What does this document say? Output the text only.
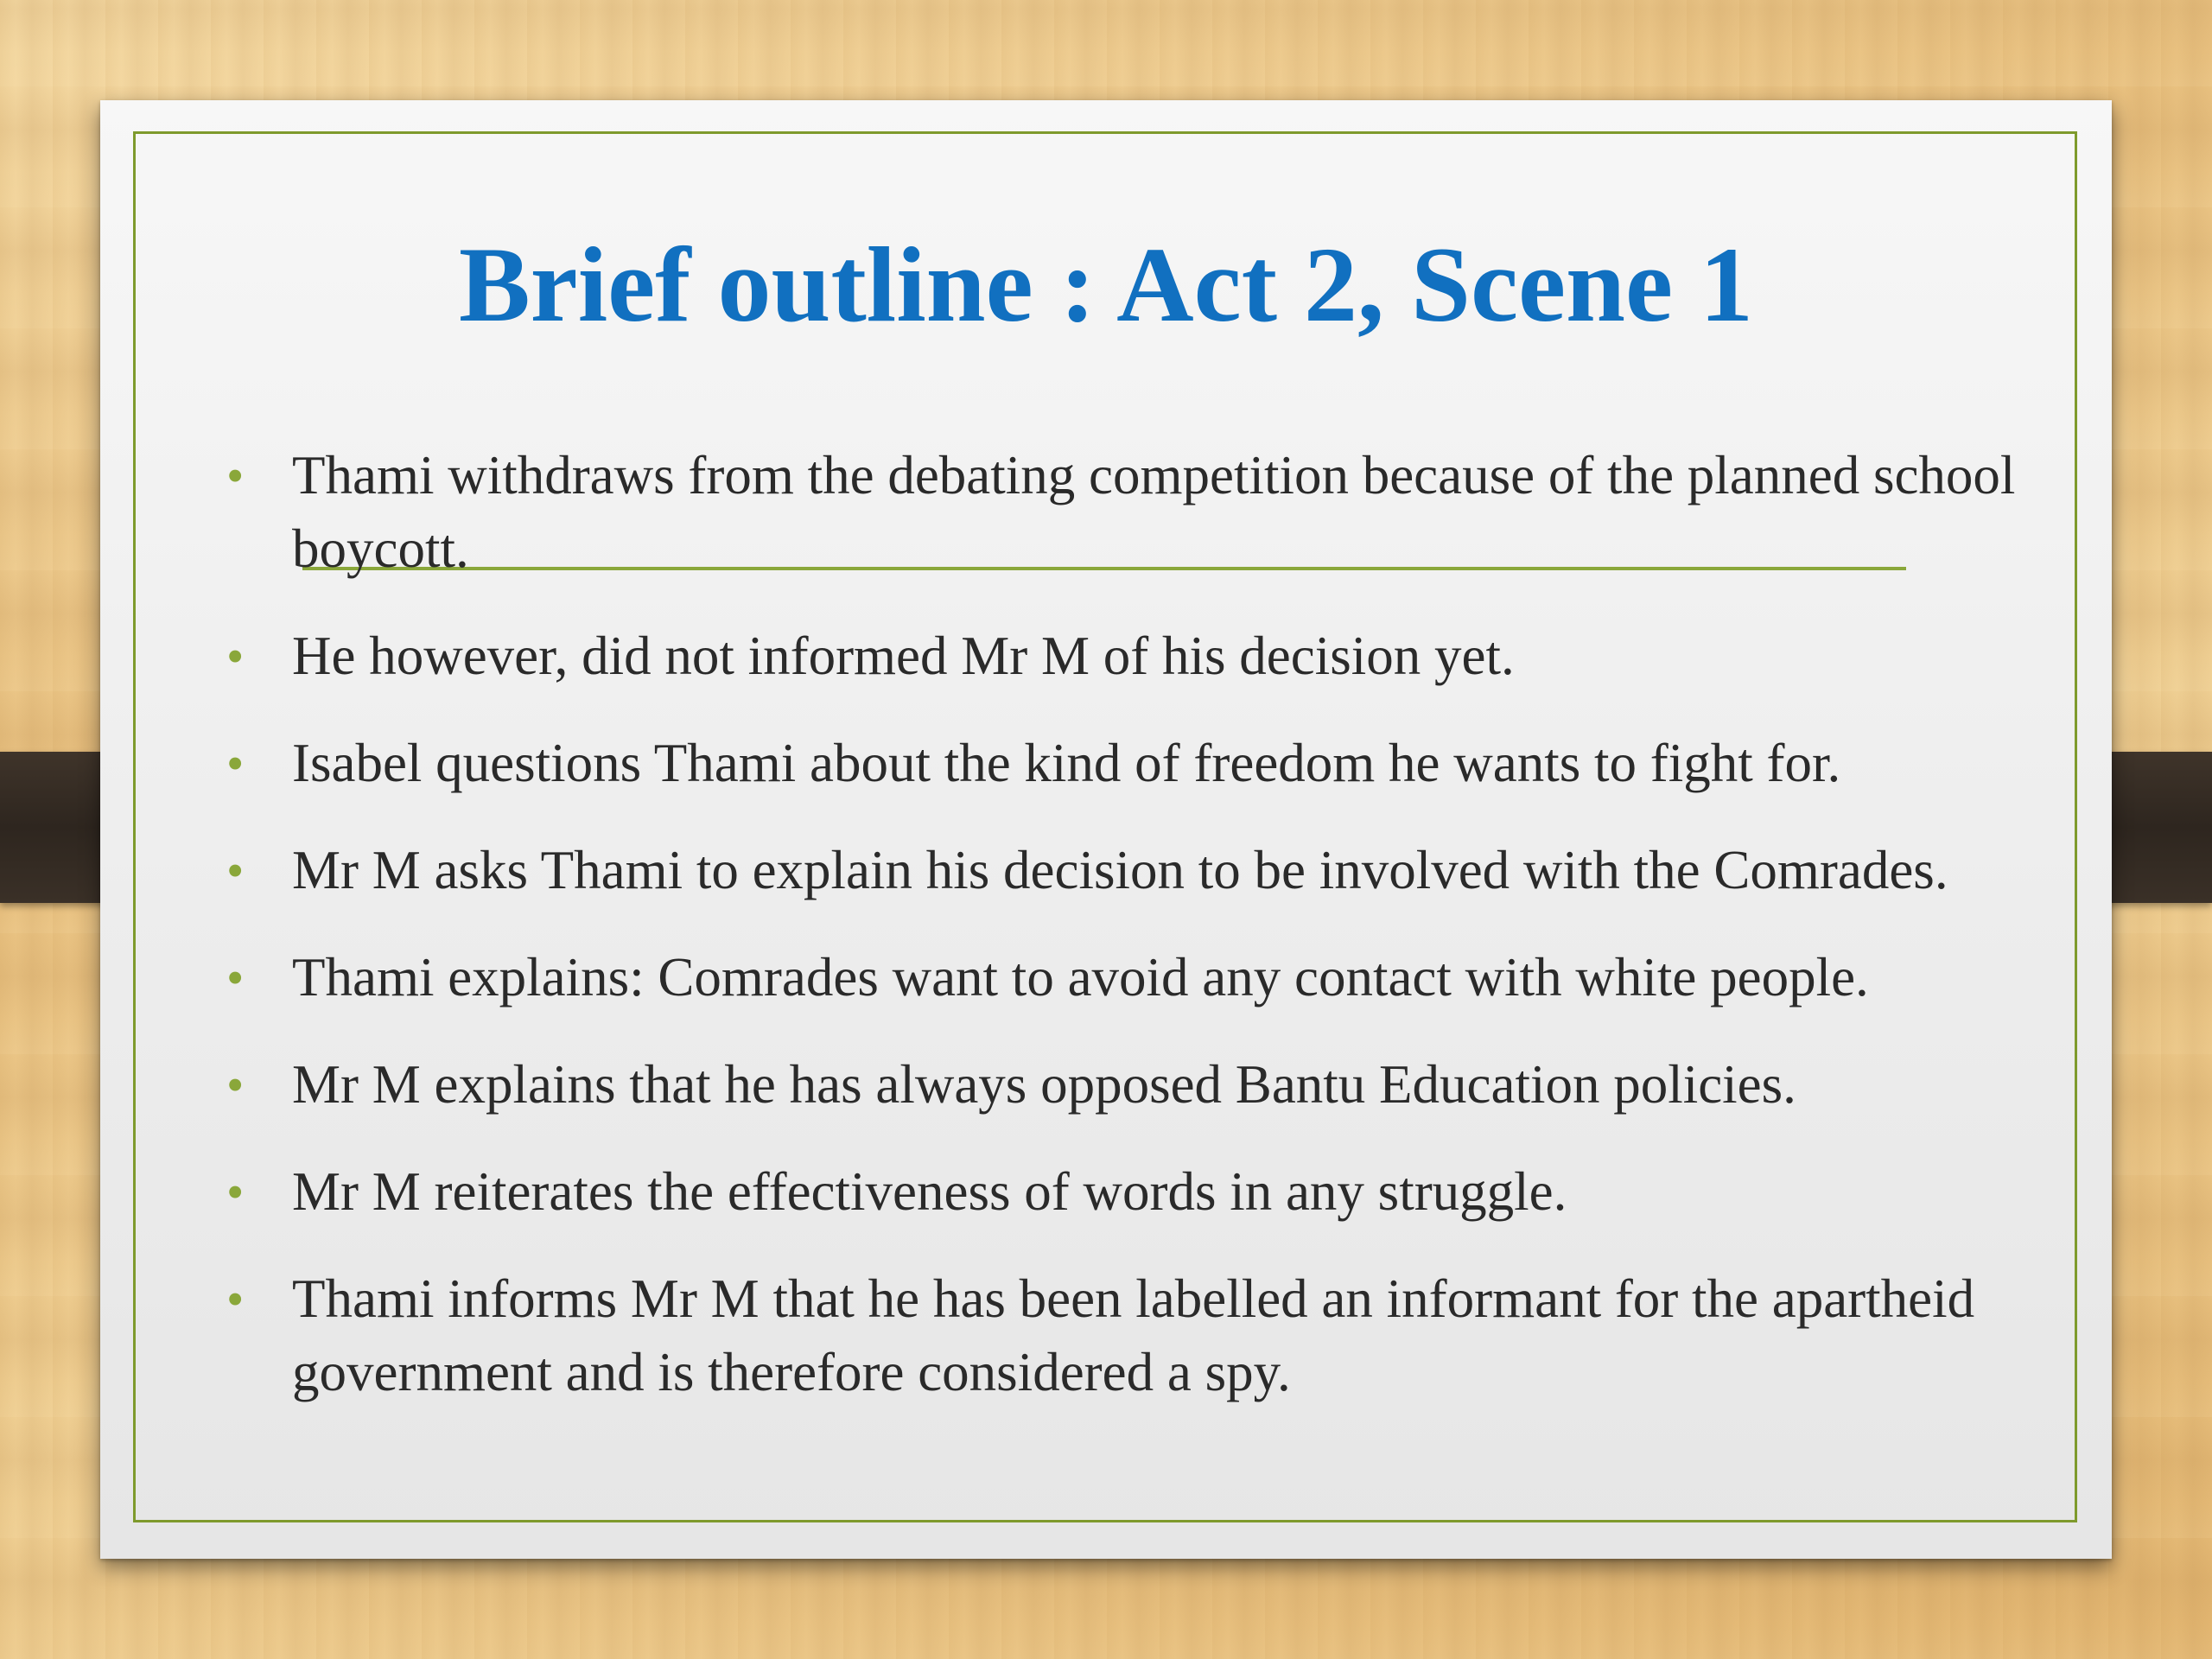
Brief outline : Act 2, Scene 1
• Thami withdraws from the debating competition because of the planned school boycott.
• He however, did not informed Mr M of his decision yet.
• Isabel questions Thami about the kind of freedom he wants to fight for.
• Mr M asks Thami to explain his decision to be involved with the Comrades.
• Thami explains: Comrades want to avoid any contact with white people.
• Mr M explains that he has always opposed Bantu Education policies.
• Mr M reiterates the effectiveness of words in any struggle.
• Thami informs Mr M that he has been labelled an informant for the apartheid government and is therefore considered a spy.
